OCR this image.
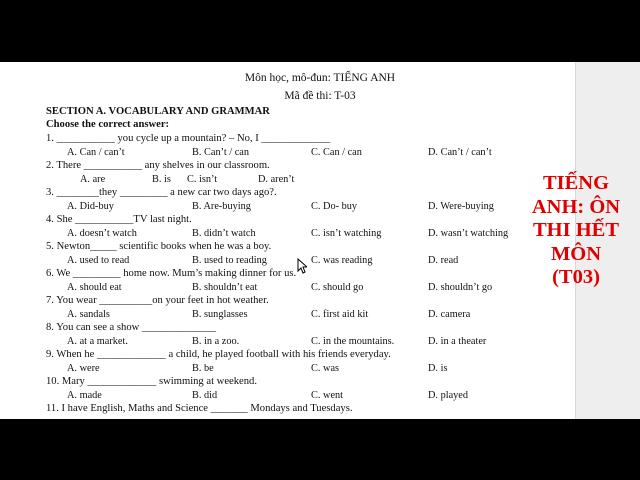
Môn học, mô-đun: TIẾNG ANH
Mã đề thi: T-03
SECTION A. VOCABULARY AND GRAMMAR
Choose the correct answer:
1. ___________ you cycle up a mountain? – No, I _____________
A. Can / can’t	B. Can’t / can	C. Can / can	D. Can’t / can’t
2. There ___________ any shelves in our classroom.
A. are	B. is C. isn’t	D. aren’t
3. ________they _________ a new car two days ago?.
A. Did-buy	B. Are-buying	C. Do- buy	D. Were-buying
4. She ___________TV last night.
A. doesn’t watch	B. didn’t watch	C. isn’t watching	D. wasn’t watching
5. Newton_____ scientific books when he was a boy.
A. used to read	B. used to reading	C. was reading	D. read
6. We _________ home now. Mum’s making dinner for us.
A. should eat	B. shouldn’t eat	C. should go	D. shouldn’t go
7. You wear __________on your feet in hot weather.
A. sandals	B. sunglasses	C. first aid kit	D. camera
8. You can see a show ______________
A. at a market.	B. in a zoo.	C. in the mountains.	D. in a theater
9. When he _____________ a child, he played football with his friends everyday.
A. were	B. be	C. was	D. is
10. Mary _____________ swimming at weekend.
A. made	B. did	C. went	D. played
11. I have English, Maths and Science _______ Mondays and Tuesdays.
TIẾNG
ANH: ÔN
THI HẾT
MÔN
(T03)
